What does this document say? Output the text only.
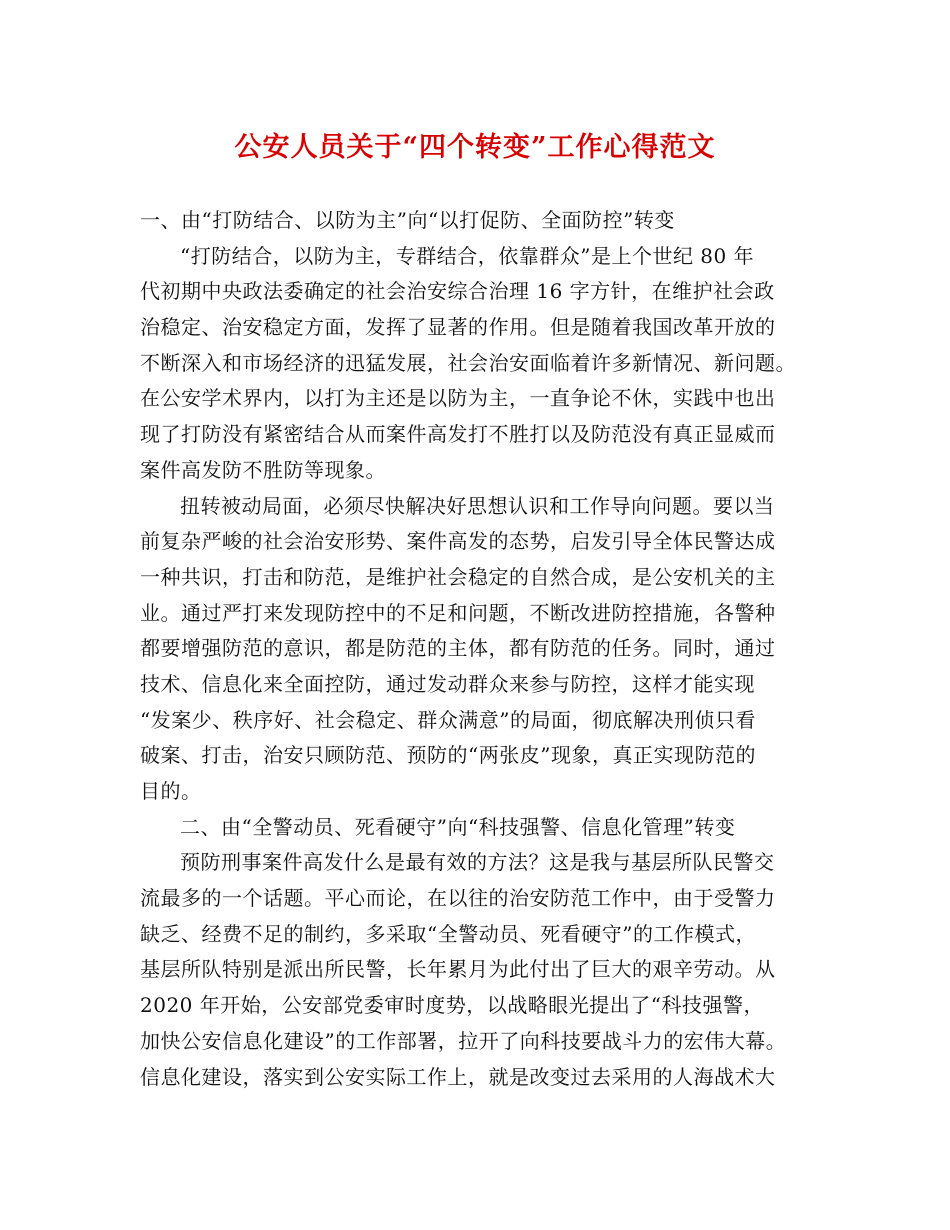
公安人员关于“四个转变”工作心得范文
一、由“打防结合、以防为主”向“以打促防、全面防控”转变
“打防结合，以防为主，专群结合，依靠群众”是上个世纪 80 年
代初期中央政法委确定的社会治安综合治理 16 字方针，在维护社会政
治稳定、治安稳定方面，发挥了显著的作用。但是随着我国改革开放的
不断深入和市场经济的迅猛发展，社会治安面临着许多新情况、新问题。
在公安学术界内，以打为主还是以防为主，一直争论不休，实践中也出
现了打防没有紧密结合从而案件高发打不胜打以及防范没有真正显威而
案件高发防不胜防等现象。
扭转被动局面，必须尽快解决好思想认识和工作导向问题。要以当
前复杂严峻的社会治安形势、案件高发的态势，启发引导全体民警达成
一种共识，打击和防范，是维护社会稳定的自然合成，是公安机关的主
业。通过严打来发现防控中的不足和问题，不断改进防控措施，各警种
都要增强防范的意识，都是防范的主体，都有防范的任务。同时，通过
技术、信息化来全面控防，通过发动群众来参与防控，这样才能实现
“发案少、秩序好、社会稳定、群众满意”的局面，彻底解决刑侦只看
破案、打击，治安只顾防范、预防的“两张皮”现象，真正实现防范的
目的。
二、由“全警动员、死看硬守”向“科技强警、信息化管理”转变
预防刑事案件高发什么是最有效的方法？这是我与基层所队民警交
流最多的一个话题。平心而论，在以往的治安防范工作中，由于受警力
缺乏、经费不足的制约，多采取“全警动员、死看硬守”的工作模式，
基层所队特别是派出所民警，长年累月为此付出了巨大的艰辛劳动。从
2020 年开始，公安部党委审时度势，以战略眼光提出了“科技强警，
加快公安信息化建设”的工作部署，拉开了向科技要战斗力的宏伟大幕。
信息化建设，落实到公安实际工作上，就是改变过去采用的人海战术大
